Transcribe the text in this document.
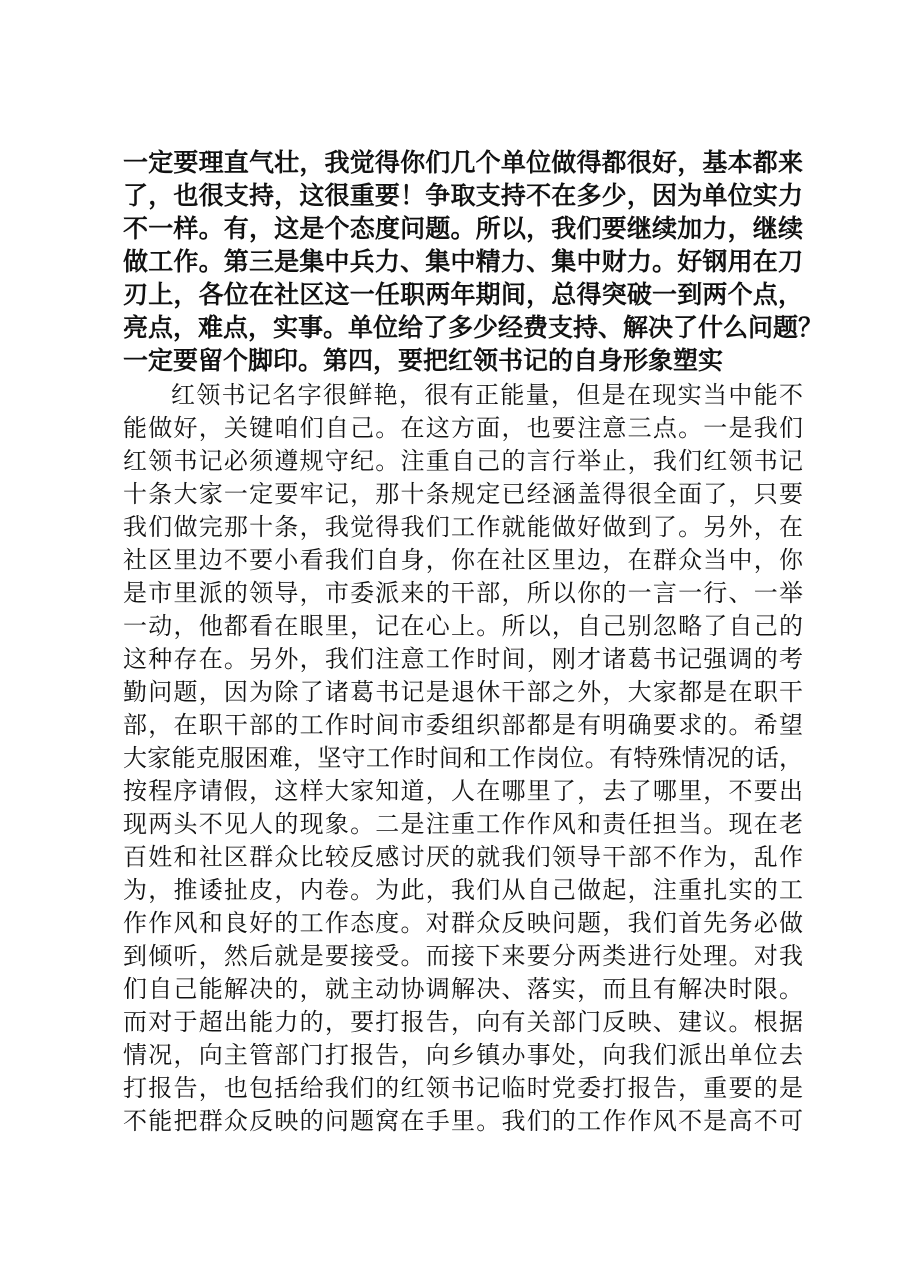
一定要理直气壮，我觉得你们几个单位做得都很好，基本都来
了，也很支持，这很重要！争取支持不在多少，因为单位实力
不一样。有，这是个态度问题。所以，我们要继续加力，继续
做工作。第三是集中兵力、集中精力、集中财力。好钢用在刀
刃上，各位在社区这一任职两年期间，总得突破一到两个点，
亮点，难点，实事。单位给了多少经费支持、解决了什么问题？
一定要留个脚印。第四，要把红领书记的自身形象塑实
红领书记名字很鲜艳，很有正能量，但是在现实当中能不
能做好，关键咱们自己。在这方面，也要注意三点。一是我们
红领书记必须遵规守纪。注重自己的言行举止，我们红领书记
十条大家一定要牢记，那十条规定已经涵盖得很全面了，只要
我们做完那十条，我觉得我们工作就能做好做到了。另外，在
社区里边不要小看我们自身，你在社区里边，在群众当中，你
是市里派的领导，市委派来的干部，所以你的一言一行、一举
一动，他都看在眼里，记在心上。所以，自己别忽略了自己的
这种存在。另外，我们注意工作时间，刚才诸葛书记强调的考
勤问题，因为除了诸葛书记是退休干部之外，大家都是在职干
部，在职干部的工作时间市委组织部都是有明确要求的。希望
大家能克服困难，坚守工作时间和工作岗位。有特殊情况的话，
按程序请假，这样大家知道，人在哪里了，去了哪里，不要出
现两头不见人的现象。二是注重工作作风和责任担当。现在老
百姓和社区群众比较反感讨厌的就我们领导干部不作为，乱作
为，推诿扯皮，内卷。为此，我们从自己做起，注重扎实的工
作作风和良好的工作态度。对群众反映问题，我们首先务必做
到倾听，然后就是要接受。而接下来要分两类进行处理。对我
们自己能解决的，就主动协调解决、落实，而且有解决时限。
而对于超出能力的，要打报告，向有关部门反映、建议。根据
情况，向主管部门打报告，向乡镇办事处，向我们派出单位去
打报告，也包括给我们的红领书记临时党委打报告，重要的是
不能把群众反映的问题窝在手里。我们的工作作风不是高不可
